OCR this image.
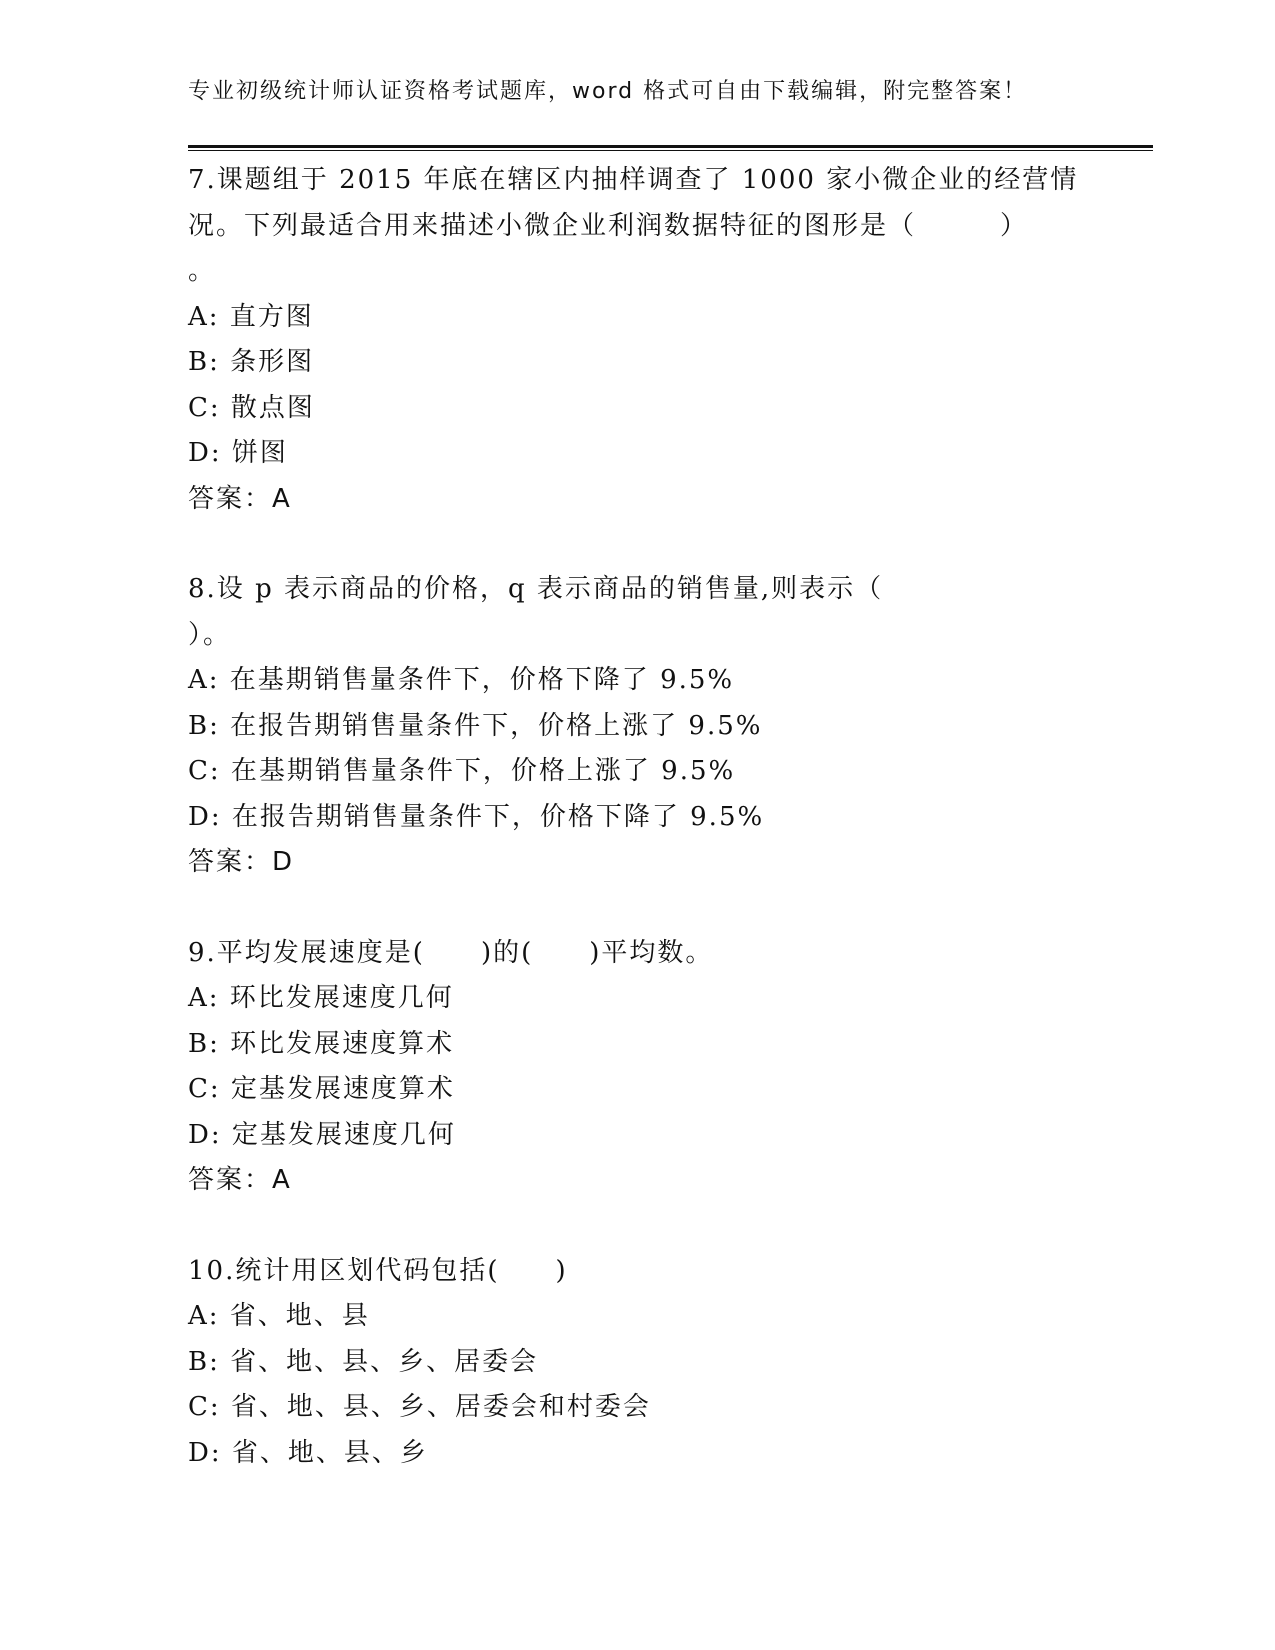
专业初级统计师认证资格考试题库，word 格式可自由下载编辑，附完整答案！
7.课题组于 2015 年底在辖区内抽样调查了 1000 家小微企业的经营情
况。下列最适合用来描述小微企业利润数据特征的图形是（　　　）
。
A: 直方图
B: 条形图
C: 散点图
D: 饼图
答案：A
8.设 p 表示商品的价格，q 表示商品的销售量,则表示（
）。
A: 在基期销售量条件下，价格下降了 9.5%
B: 在报告期销售量条件下，价格上涨了 9.5%
C: 在基期销售量条件下，价格上涨了 9.5%
D: 在报告期销售量条件下，价格下降了 9.5%
答案：D
9.平均发展速度是(　　)的(　　)平均数。
A: 环比发展速度几何
B: 环比发展速度算术
C: 定基发展速度算术
D: 定基发展速度几何
答案：A
10.统计用区划代码包括(　　)
A: 省、地、县
B: 省、地、县、乡、居委会
C: 省、地、县、乡、居委会和村委会
D: 省、地、县、乡
